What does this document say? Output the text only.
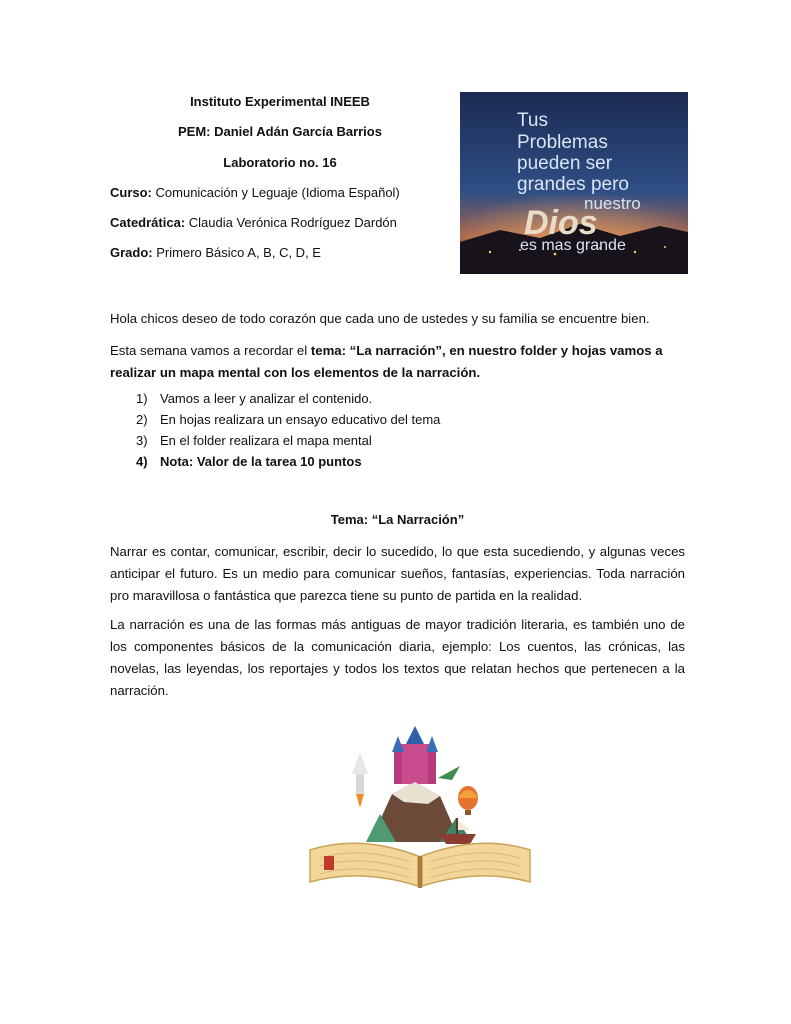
Instituto Experimental INEEB

PEM: Daniel Adán García Barrios

Laboratorio no. 16

Curso: Comunicación y Leguaje (Idioma Español)

Catedrática: Claudia Verónica Rodríguez Dardón

Grado: Primero Básico A, B, C, D, E

Tus
Problemas
pueden ser
grandes pero
nuestro
Dios
es mas grande

Hola chicos deseo de todo corazón que cada uno de ustedes y su familia se encuentre bien.

Esta semana vamos a recordar el tema: “La narración”, en nuestro folder y hojas vamos a realizar un mapa mental con los elementos de la narración.

1) Vamos a leer y analizar el contenido.
2) En hojas realizara un ensayo educativo del tema
3) En el folder realizara el mapa mental
4) Nota: Valor de la tarea 10 puntos

Tema: “La Narración”

Narrar es contar, comunicar, escribir, decir lo sucedido, lo que esta sucediendo, y algunas veces anticipar el futuro. Es un medio para comunicar sueños, fantasías, experiencias. Toda narración pro maravillosa o fantástica que parezca tiene su punto de partida en la realidad.

La narración es una de las formas más antiguas de mayor tradición literaria, es también uno de los componentes básicos de la comunicación diaria, ejemplo: Los cuentos, las crónicas, las novelas, las leyendas, los reportajes y todos los textos que relatan hechos que pertenecen a la narración.
